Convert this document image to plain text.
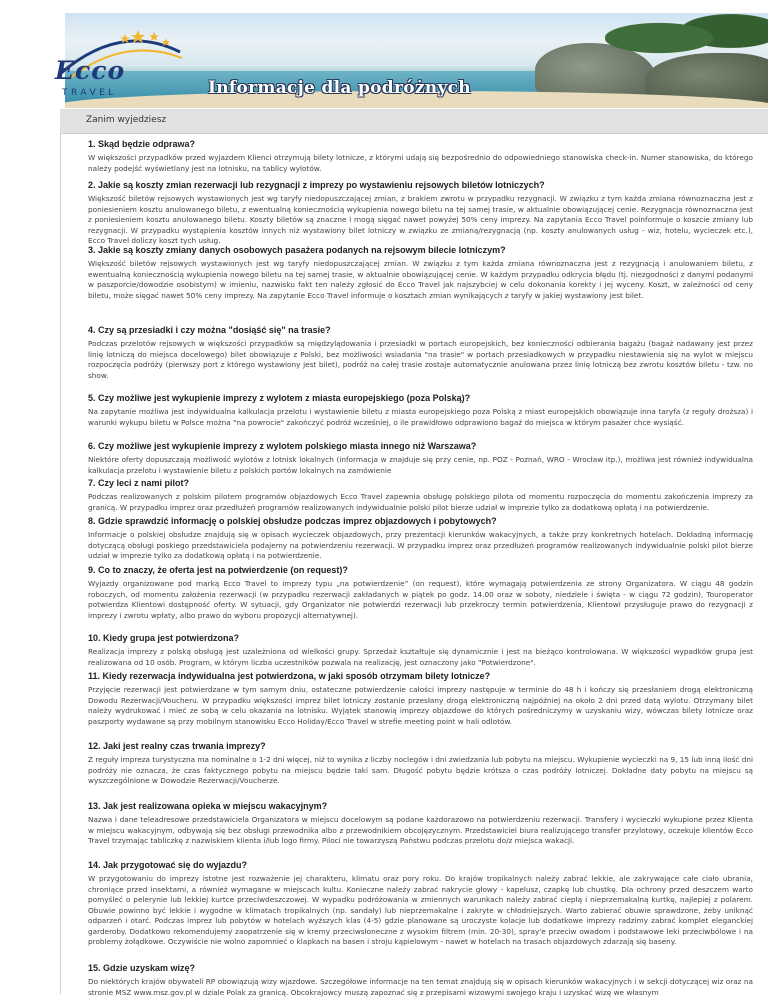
Informacje dla podróżnych
Ecco
TRAVEL
Zanim wyjedziesz

1. Skąd będzie odprawa?

W większości przypadków przed wyjazdem Klienci otrzymują bilety lotnicze, z którymi udają się bezpośrednio do odpowiedniego stanowiska check-in. Numer stanowiska, do którego należy podejść wyświetlany jest na lotnisku, na tablicy wylotów.

2. Jakie są koszty zmian rezerwacji lub rezygnacji z imprezy po wystawieniu rejsowych biletów lotniczych?

Większość biletów rejsowych wystawionych jest wg taryfy niedopuszczającej zmian, z brakiem zwrotu w przypadku rezygnacji. W związku z tym każda zmiana równoznaczna jest z poniesieniem kosztu anulowanego biletu, z ewentualną koniecznością wykupienia nowego biletu na tej samej trasie, w aktualnie obowiązującej cenie. Rezygnacja równoznaczna jest z poniesieniem kosztu anulowanego biletu. Koszty biletów są znaczne i mogą sięgać nawet powyżej 50% ceny imprezy. Na zapytania Ecco Travel poinformuje o koszcie zmiany lub rezygnacji. W przypadku wystąpienia kosztów innych niż wystawiony bilet lotniczy w związku ze zmianą/rezygnacją (np. koszty anulowanych usług - wiz, hotelu, wycieczek etc.), Ecco Travel doliczy koszt tych usług.

3. Jakie są koszty zmiany danych osobowych pasażera podanych na rejsowym bilecie lotniczym?

Większość biletów rejsowych wystawionych jest wg taryfy niedopuszczającej zmian. W związku z tym każda zmiana równoznaczna jest z rezygnacją i anulowaniem biletu, z ewentualną koniecznością wykupienia nowego biletu na tej samej trasie, w aktualnie obowiązującej cenie. W każdym przypadku odkrycia błędu (tj. niezgodności z danymi podanymi w paszporcie/dowodzie osobistym) w imieniu, nazwisku fakt ten należy zgłosić do Ecco Travel jak najszybciej w celu dokonania korekty i jej wyceny. Koszt, w zależności od ceny biletu, może sięgać nawet 50% ceny imprezy. Na zapytanie Ecco Travel informuje o kosztach zmian wynikających z taryfy w jakiej wystawiony jest bilet.

4. Czy są przesiadki i czy można "dosiąść się" na trasie?

Podczas przelotów rejsowych w większości przypadków są międzylądowania i przesiadki w portach europejskich, bez konieczności odbierania bagażu (bagaż nadawany jest przez linię lotniczą do miejsca docelowego) bilet obowiązuje z Polski, bez możliwości wsiadania "na trasie" w portach przesiadkowych w przypadku niestawienia się na wylot w miejscu rozpoczęcia podróży (pierwszy port z którego wystawiony jest bilet), podróż na całej trasie zostaje automatycznie anulowana przez linię lotniczą bez zwrotu kosztów biletu - tzw. no show.

5. Czy możliwe jest wykupienie imprezy z wylotem z miasta europejskiego (poza Polską)?

Na zapytanie możliwa jest indywidualna kalkulacja przelotu i wystawienie biletu z miasta europejskiego poza Polską z miast europejskich obowiązuje inna taryfa (z reguły droższa) i warunki wykupu biletu w Polsce można "na powrocie" zakończyć podróż wcześniej, o ile prawidłowo odprawiono bagaż do miejsca w którym pasażer chce wysiąść.

6. Czy możliwe jest wykupienie imprezy z wylotem polskiego miasta innego niż Warszawa?

Niektóre oferty dopuszczają możliwość wylotów z lotnisk lokalnych (informacja w znajduje się przy cenie, np. POZ - Poznań, WRO - Wrocław itp.), możliwa jest również indywidualna kalkulacja przelotu i wystawienie biletu z polskich portów lokalnych na zamówienie

7. Czy leci z nami pilot?

Podczas realizowanych z polskim pilotem programów objazdowych Ecco Travel zapewnia obsługę polskiego pilota od momentu rozpoczęcia do momentu zakończenia imprezy za granicą. W przypadku imprez oraz przedłużeń programów realizowanych indywidualnie polski pilot bierze udział w imprezie tylko za dodatkową opłatą i na potwierdzenie.

8. Gdzie sprawdzić informację o polskiej obsłudze podczas imprez objazdowych i pobytowych?

Informacje o polskiej obsłudze znajdują się w opisach wycieczek objazdowych, przy prezentacji kierunków wakacyjnych, a także przy konkretnych hotelach. Dokładną informację dotyczącą obsługi poskiego przedstawiciela podajemy na potwierdzeniu rezerwacji. W przypadku imprez oraz przedłużeń programów realizowanych indywidualnie polski pilot bierze udział w imprezie tylko za dodatkową opłatą i na potwierdzenie.

9. Co to znaczy, że oferta jest na potwierdzenie (on request)?

Wyjazdy organizowane pod marką Ecco Travel to imprezy typu „na potwierdzenie” (on request), które wymagają potwierdzenia ze strony Organizatora. W ciągu 48 godzin roboczych, od momentu założenia rezerwacji (w przypadku rezerwacji zakładanych w piątek po godz. 14.00 oraz w soboty, niedziele i święta - w ciągu 72 godzin), Touroperator potwierdza Klientowi dostępność oferty. W sytuacji, gdy Organizator nie potwierdzi rezerwacji lub przekroczy termin potwierdzenia, Klientowi przysługuje prawo do rezygnacji z imprezy i zwrotu wpłaty, albo prawo do wyboru propozycji alternatywnej).

10. Kiedy grupa jest potwierdzona?

Realizacja imprezy z polską obsługą jest uzależniona od wielkości grupy. Sprzedaż kształtuje się dynamicznie i jest na bieżąco kontrolowana. W większości wypadków grupa jest realizowana od 10 osób. Program, w którym liczba uczestników pozwala na realizację, jest oznaczony jako "Potwierdzone".

11. Kiedy rezerwacja indywidualna jest potwierdzona, w jaki sposób otrzymam bilety lotnicze?

Przyjęcie rezerwacji jest potwierdzane w tym samym dniu, ostateczne potwierdzenie całości imprezy następuje w terminie do 48 h i kończy się przesłaniem drogą elektroniczną Dowodu Rezerwacji/Voucheru. W przypadku większości imprez bilet lotniczy zostanie przesłany drogą elektroniczną najpóźniej na około 2 dni przed datą wylotu. Otrzymany bilet należy wydrukować i mieć ze sobą w celu okazania na lotnisku. Wyjątek stanowią imprezy objazdowe do których pośredniczymy w uzyskaniu wizy, wówczas bilety lotnicze oraz paszporty wydawane są przy mobilnym stanowisku Ecco Holiday/Ecco Travel w strefie meeting point w hali odlotów.

12. Jaki jest realny czas trwania imprezy?

Z reguły impreza turystyczna ma nominalne o 1-2 dni więcej, niż to wynika z liczby noclegów i dni zwiedzania lub pobytu na miejscu. Wykupienie wycieczki na 9, 15 lub inną ilość dni podróży nie oznacza, że czas faktycznego pobytu na miejscu będzie taki sam. Długość pobytu będzie krótsza o czas podróży lotniczej. Dokładne daty pobytu na miejscu są wyszczególnione w Dowodzie Rezerwacji/Voucherze.

13. Jak jest realizowana opieka w miejscu wakacyjnym?

Nazwa i dane teleadresowe przedstawiciela Organizatora w miejscu docelowym są podane każdorazowo na potwierdzeniu rezerwacji. Transfery i wycieczki wykupione przez Klienta w miejscu wakacyjnym, odbywają się bez obsługi przewodnika albo z przewodnikiem obcojęzycznym. Przedstawiciel biura realizującego transfer przylotowy, oczekuje klientów Ecco Travel trzymając tabliczkę z nazwiskiem klienta i/lub logo firmy. Piloci nie towarzyszą Państwu podczas przelotu do/z miejsca wakacji.

14. Jak przygotować się do wyjazdu?

W przygotowaniu do imprezy istotne jest rozważenie jej charakteru, klimatu oraz pory roku. Do krajów tropikalnych należy zabrać lekkie, ale zakrywające całe ciało ubrania, chroniące przed insektami, a również wymagane w miejscach kultu. Konieczne należy zabrać nakrycie głowy - kapelusz, czapkę lub chustkę. Dla ochrony przed deszczem warto pomyśleć o pelerynie lub lekkiej kurtce przeciwdeszczowej. W wypadku podróżowania w zmiennych warunkach należy zabrać ciepłą i nieprzemakalną kurtkę, najlepiej z polarem. Obuwie powinno być lekkie i wygodne w klimatach tropikalnych (np. sandały) lub nieprzemakalne i zakryte w chłodniejszych. Warto zabierać obuwie sprawdzone, żeby uniknąć odparzeń i otarć. Podczas imprez lub pobytów w hotelach wyższych klas (4-5) gdzie planowane są uroczyste kolacje lub dodatkowe imprezy radzimy zabrać komplet eleganckiej garderoby. Dodatkowo rekomendujemy zaopatrzenie się w kremy przeciwsłoneczne z wysokim filtrem (min. 20-30), spray'e przeciw owadom i podstawowe leki przeciwbólowe i na problemy żołądkowe. Oczywiście nie wolno zapomnieć o klapkach na basen i stroju kąpielowym - nawet w hotelach na trasach objazdowych zdarzają się baseny.

15. Gdzie uzyskam wizę?

Do niektórych krajów obywateli RP obowiązują wizy wjazdowe. Szczegółowe informacje na ten temat znajdują się w opisach kierunków wakacyjnych i w sekcji dotyczącej wiz oraz na stronie MSZ www.msz.gov.pl w dziale Polak za granicą. Obcokrajowcy muszą zapoznać się z przepisami wizowymi swojego kraju i uzyskać wizę we własnym
